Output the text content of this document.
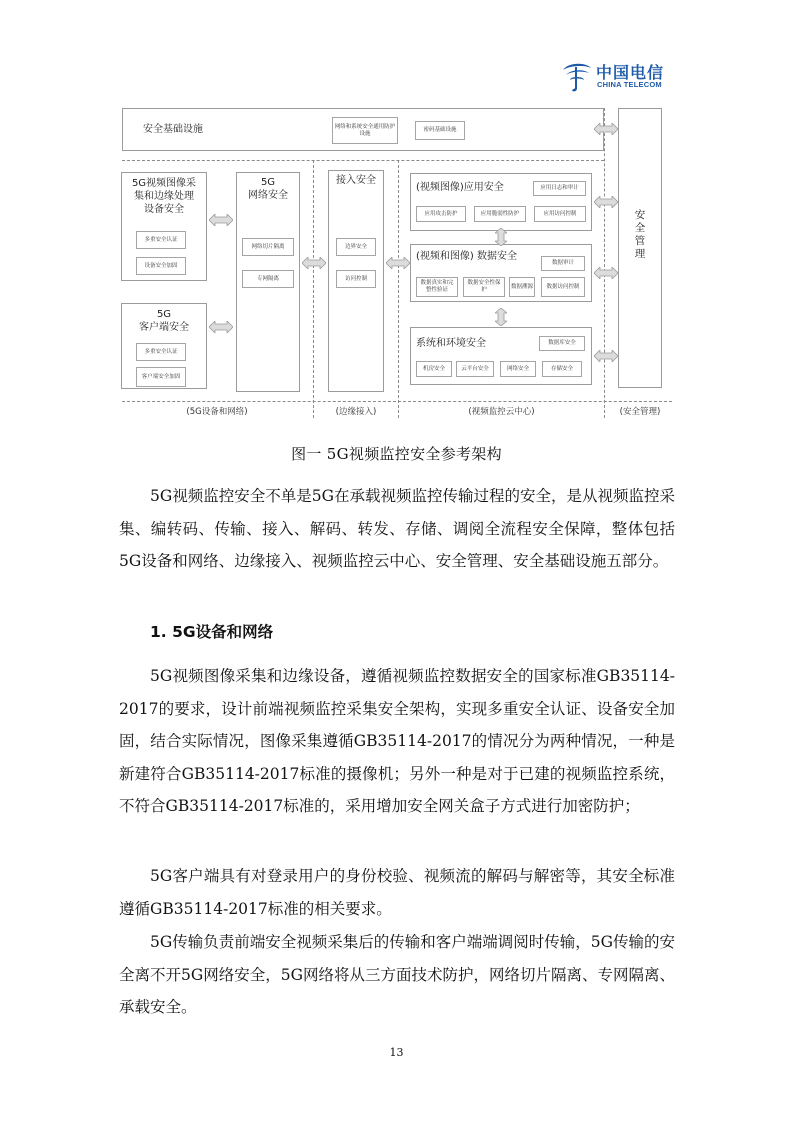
中国电信
CHINA TELECOM
安全基础设施	网络和系统安全通用防护设施
密码基础设施
安
全
管
理
5G视频图像采
集和边缘处理
设备安全
多重安全认证
设备安全加固
5G
客户端安全
多重安全认证
客户端安全加固
5G
网络安全
网络切片隔离
专网隔离
接入安全
边界安全
访问控制
(视频图像)应用安全	应用日志和审计
应用攻击防护	应用脆弱性防护	应用访问控制
(视频和图像) 数据安全
数据审计
数据真实和完整性验证
数据安全性保护
数据溯源	数据访问控制
系统和环境安全	数据库安全
机房安全	云平台安全	网络安全	存储安全
(5G设备和网络)	(边缘接入)	(视频监控云中心)	(安全管理)
图一 5G视频监控安全参考架构
5G视频监控安全不单是5G在承载视频监控传输过程的安全，是从视频监控采集、编转码、传输、接入、解码、转发、存储、调阅全流程安全保障，整体包括5G设备和网络、边缘接入、视频监控云中心、安全管理、安全基础设施五部分。
1. 5G设备和网络
5G视频图像采集和边缘设备，遵循视频监控数据安全的国家标准GB35114-2017的要求，设计前端视频监控采集安全架构，实现多重安全认证、设备安全加固，结合实际情况，图像采集遵循GB35114-2017的情况分为两种情况，一种是新建符合GB35114-2017标准的摄像机；另外一种是对于已建的视频监控系统，不符合GB35114-2017标准的，采用增加安全网关盒子方式进行加密防护；
5G客户端具有对登录用户的身份校验、视频流的解码与解密等，其安全标准遵循GB35114-2017标准的相关要求。
5G传输负责前端安全视频采集后的传输和客户端端调阅时传输，5G传输的安全离不开5G网络安全，5G网络将从三方面技术防护，网络切片隔离、专网隔离、承载安全。
13
